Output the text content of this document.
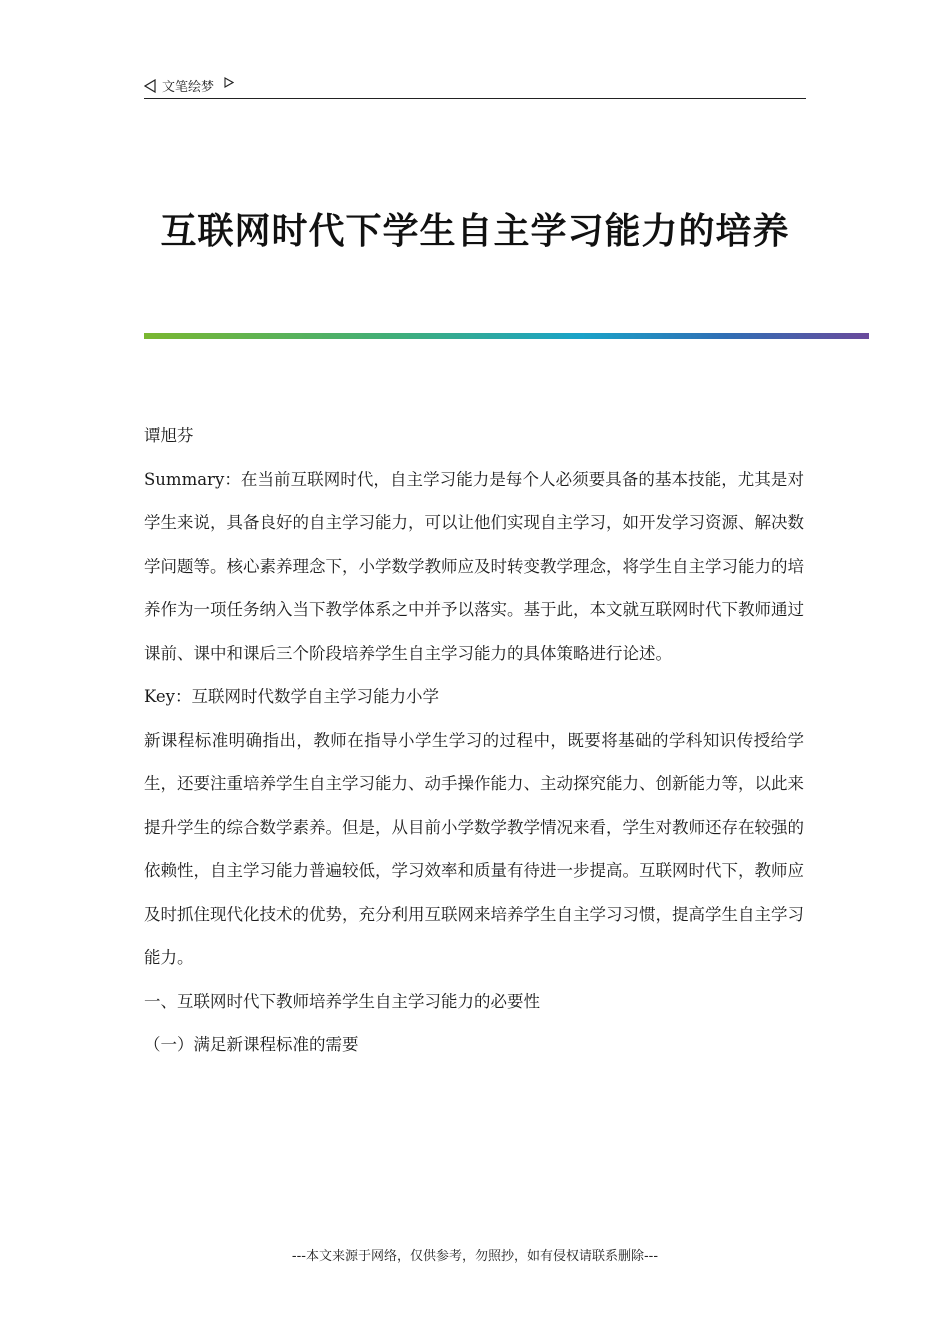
文笔绘梦
互联网时代下学生自主学习能力的培养

谭旭芬

Summary：在当前互联网时代，自主学习能力是每个人必须要具备的基本技能，尤其是对学生来说，具备良好的自主学习能力，可以让他们实现自主学习，如开发学习资源、解决数学问题等。核心素养理念下，小学数学教师应及时转变教学理念，将学生自主学习能力的培养作为一项任务纳入当下教学体系之中并予以落实。基于此，本文就互联网时代下教师通过课前、课中和课后三个阶段培养学生自主学习能力的具体策略进行论述。

Key：互联网时代数学自主学习能力小学

新课程标准明确指出，教师在指导小学生学习的过程中，既要将基础的学科知识传授给学生，还要注重培养学生自主学习能力、动手操作能力、主动探究能力、创新能力等，以此来提升学生的综合数学素养。但是，从目前小学数学教学情况来看，学生对教师还存在较强的依赖性，自主学习能力普遍较低，学习效率和质量有待进一步提高。互联网时代下，教师应及时抓住现代化技术的优势，充分利用互联网来培养学生自主学习习惯，提高学生自主学习能力。

一、互联网时代下教师培养学生自主学习能力的必要性

（一）满足新课程标准的需要

---本文来源于网络，仅供参考，勿照抄，如有侵权请联系删除---
